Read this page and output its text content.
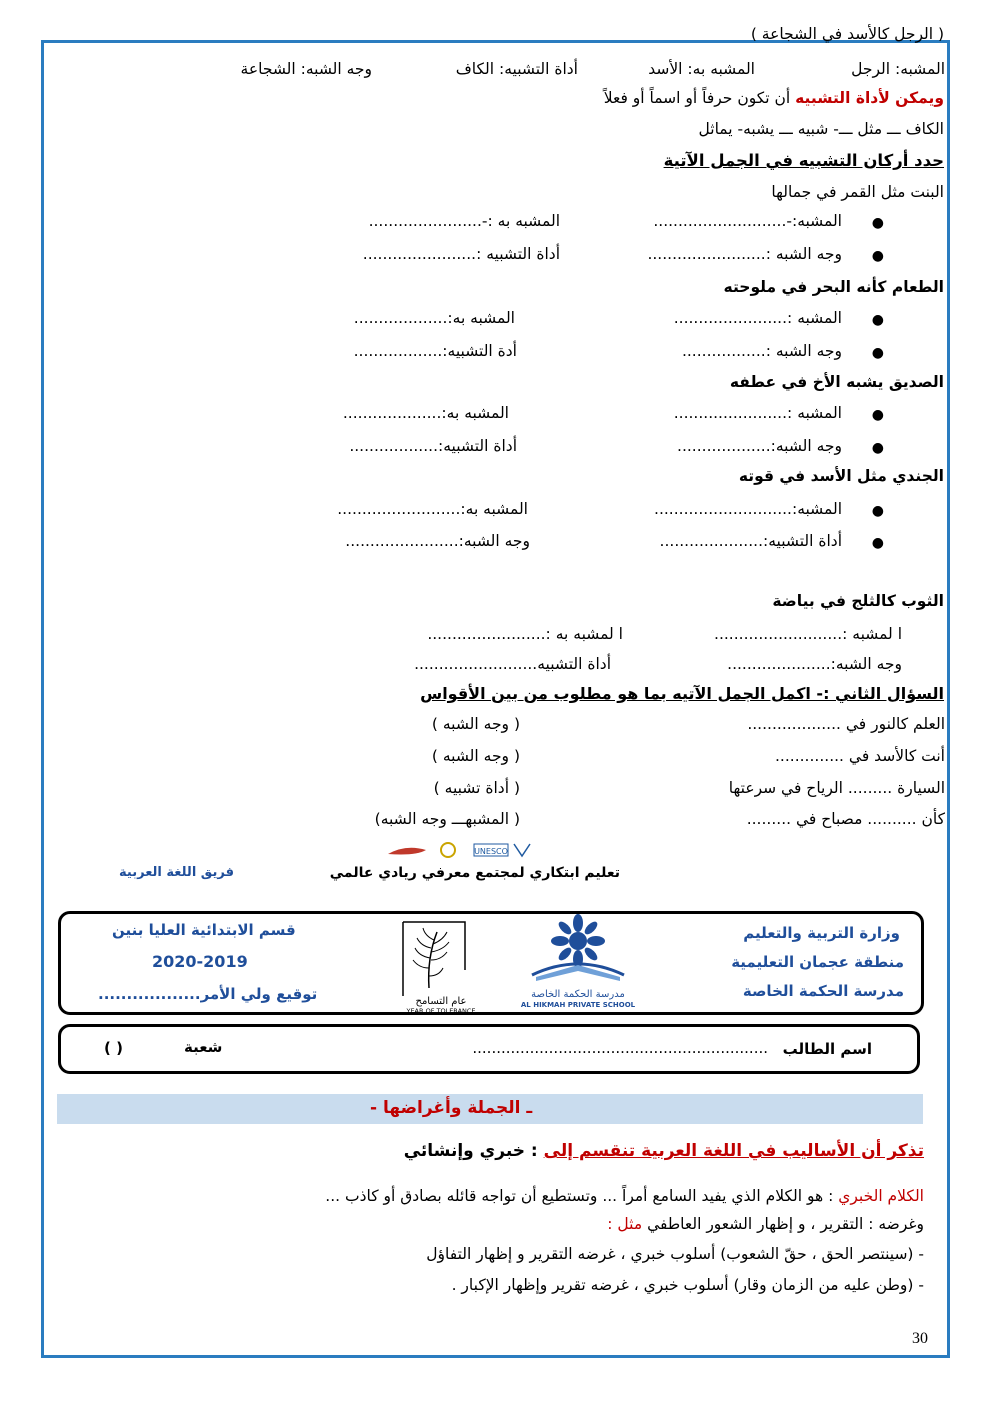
( الرجل كالأسد في الشجاعة )
المشبه: الرجل
المشبه به: الأسد
أداة التشبيه: الكاف
وجه الشبه: الشجاعة
ويمكن لأداة التشبيه أن تكون حرفاً أو اسماً أو فعلاً
الكاف ـــ مثل ـــ- شبيه ـــ يشبه- يماثل
حدد أركان التشبيه في الجمل الآتية
البنت مثل القمر في جمالها
●
المشبه:-...........................
المشبه به :-.......................
●
وجه الشبه :........................
أداة التشبيه :.......................
الطعام كأنه البحر في ملوحته
●
المشبه :.......................
المشبه به:...................
●
وجه الشبه :.................
أدة التشبيه:..................
الصديق يشبه الأخ في عطفه
●
المشبه :.......................
المشبه به:....................
●
وجه الشبه:...................
أداة التشبيه:..................
الجندي مثل الأسد في قوته
●
المشبه:............................
المشبه به:.........................
●
أداة التشبيه:.....................
وجه الشبه:.......................
الثوب كالثلج في بياضة
ا لمشبه :..........................
ا لمشبه به :........................
وجه الشبه:.....................
أداة التشبيه.........................
السؤال الثاني :- اكمل الجمل الآتيه بما هو مطلوب من بين الأقواس
العلم كالنور في ...................
( وجه الشبه )
أنت كالأسد في ..............
( وجه الشبه )
السيارة ......... الرياح في سرعتها
( أداة تشبيه )
كأن .......... مصباح في .........
( المشبهـــ وجه الشبه)
UNESCO
تعليم ابتكاري لمجتمع معرفي ريادي عالمي
فريق اللغة العربية
وزارة التربية والتعليم
منطقة عجمان التعليمية
مدرسة الحكمة الخاصة
قسم الابتدائية العليا بنين
2020-2019
توقيع ولي الأمر..................	مدرسة الحكمة الخاصة
AL HIKMAH PRIVATE SCHOOL
عام التسامح
YEAR OF TOLERANCE
اسم الطالب
..............................................................
شعبة
( )
ـ الجملة وأغراضها -
تذكر أن الأساليب في اللغة العربية تنقسم إلى : خبري وإنشائي
الكلام الخبري : هو الكلام الذي يفيد السامع أمراً ... وتستطيع أن تواجه قائله بصادق أو كاذب ...
وغرضه : التقرير ، و إظهار الشعور العاطفي مثل :
- (سينتصر الحق ، حقّ الشعوب) أسلوب خبري ، غرضه التقرير و إظهار التفاؤل
- (وطن عليه من الزمان وقار) أسلوب خبري ، غرضه تقرير وإظهار الإكبار .
30
